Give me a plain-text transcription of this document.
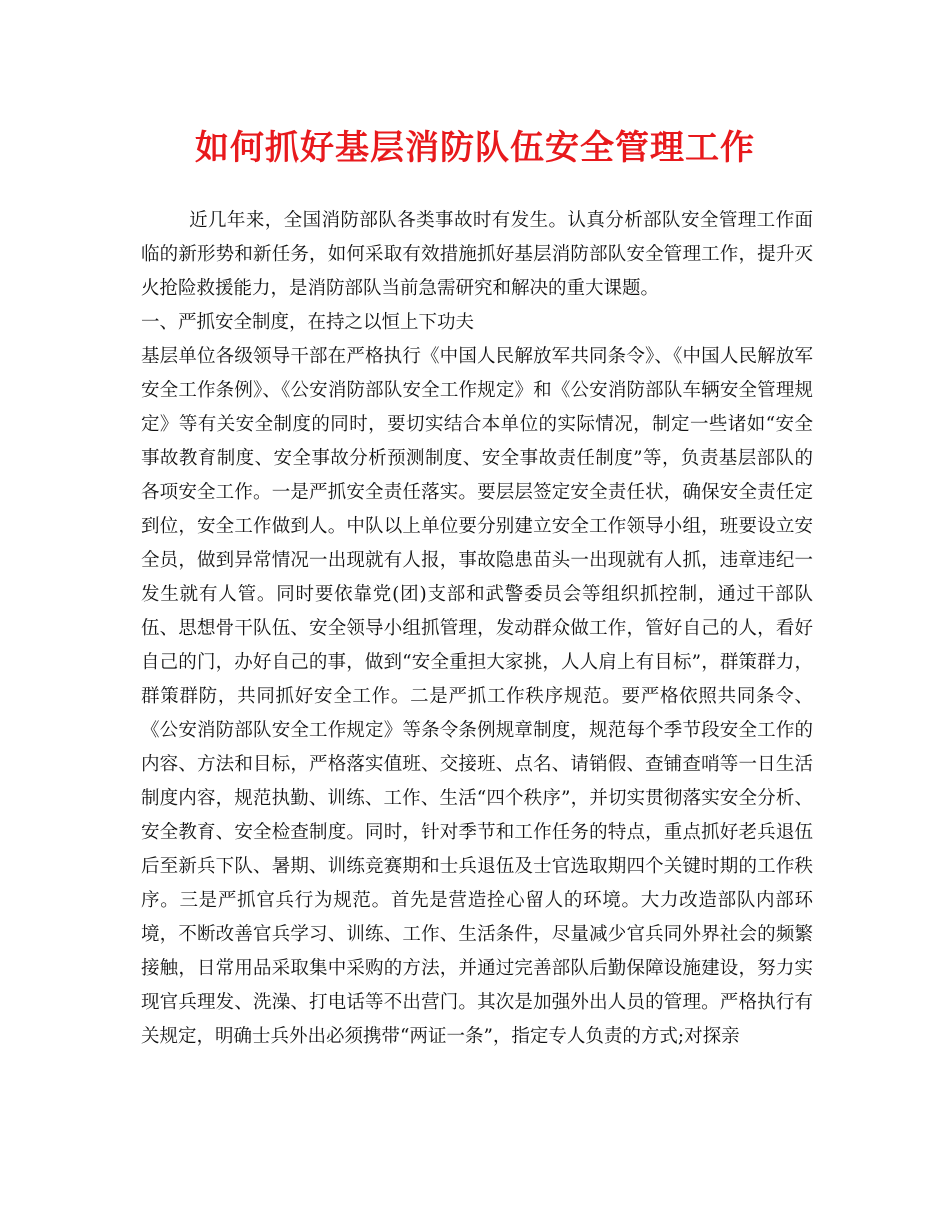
如何抓好基层消防队伍安全管理工作

近几年来，全国消防部队各类事故时有发生。认真分析部队安全管理工作面临的新形势和新任务，如何采取有效措施抓好基层消防部队安全管理工作，提升灭火抢险救援能力，是消防部队当前急需研究和解决的重大课题。

一、严抓安全制度，在持之以恒上下功夫

基层单位各级领导干部在严格执行《中国人民解放军共同条令》、《中国人民解放军安全工作条例》、《公安消防部队安全工作规定》和《公安消防部队车辆安全管理规定》等有关安全制度的同时，要切实结合本单位的实际情况，制定一些诸如“安全事故教育制度、安全事故分析预测制度、安全事故责任制度”等，负责基层部队的各项安全工作。一是严抓安全责任落实。要层层签定安全责任状，确保安全责任定到位，安全工作做到人。中队以上单位要分别建立安全工作领导小组，班要设立安全员，做到异常情况一出现就有人报，事故隐患苗头一出现就有人抓，违章违纪一发生就有人管。同时要依靠党(团)支部和武警委员会等组织抓控制，通过干部队伍、思想骨干队伍、安全领导小组抓管理，发动群众做工作，管好自己的人，看好自己的门，办好自己的事，做到“安全重担大家挑，人人肩上有目标”，群策群力，群策群防，共同抓好安全工作。二是严抓工作秩序规范。要严格依照共同条令、《公安消防部队安全工作规定》等条令条例规章制度，规范每个季节段安全工作的内容、方法和目标，严格落实值班、交接班、点名、请销假、查铺查哨等一日生活制度内容，规范执勤、训练、工作、生活“四个秩序”，并切实贯彻落实安全分析、安全教育、安全检查制度。同时，针对季节和工作任务的特点，重点抓好老兵退伍后至新兵下队、暑期、训练竞赛期和士兵退伍及士官选取期四个关键时期的工作秩序。三是严抓官兵行为规范。首先是营造拴心留人的环境。大力改造部队内部环境，不断改善官兵学习、训练、工作、生活条件，尽量减少官兵同外界社会的频繁接触，日常用品采取集中采购的方法，并通过完善部队后勤保障设施建设，努力实现官兵理发、洗澡、打电话等不出营门。其次是加强外出人员的管理。严格执行有关规定，明确士兵外出必须携带“两证一条”，指定专人负责的方式;对探亲
